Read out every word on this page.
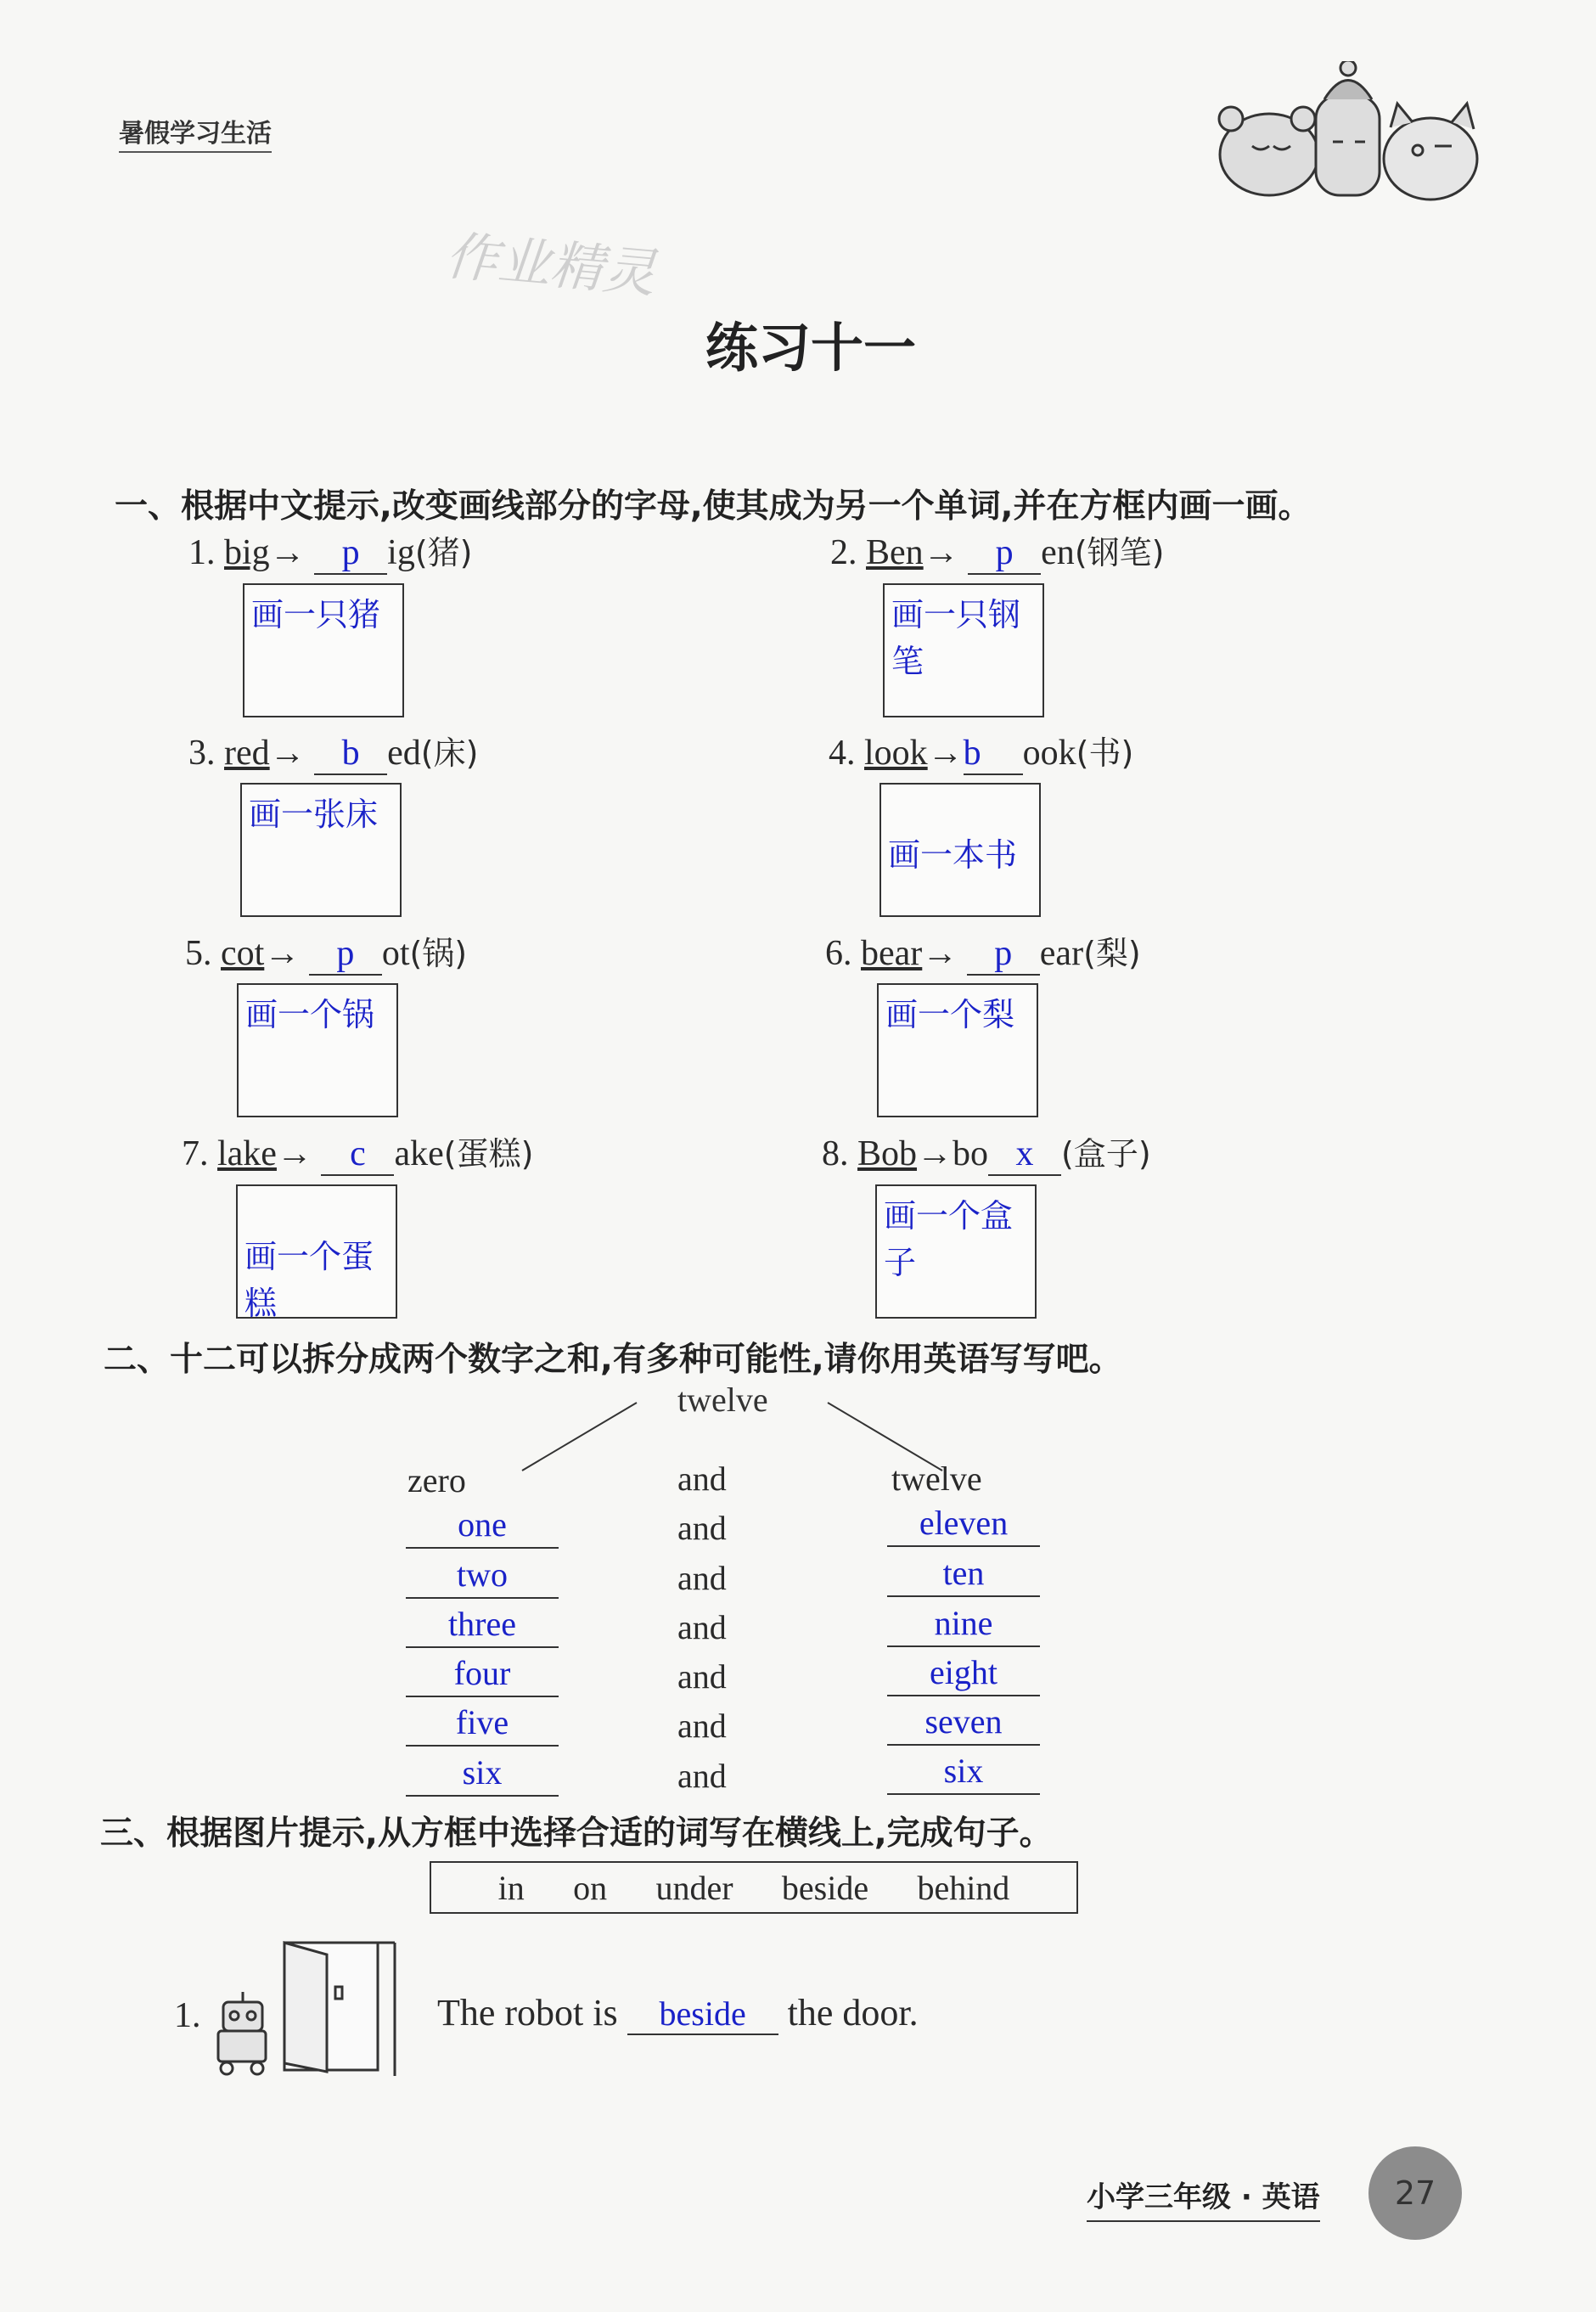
暑假学习生活
作业精灵
练习十一
一、根据中文提示,改变画线部分的字母,使其成为另一个单词,并在方框内画一画。
1. big→ p ig(猪)
画一只猪
2. Ben→ p en(钢笔)
画一只钢笔
3. red→ b ed(床)
画一张床
4. look→b ook(书)
画一本书
5. cot→ p ot(锅)
画一个锅
6. bear→ p ear(梨)
画一个梨
7. lake→ c ake(蛋糕)
画一个蛋糕
8. Bob→bo x (盒子)
画一个盒子
二、十二可以拆分成两个数字之和,有多种可能性,请你用英语写写吧。
twelve
zero	and	twelve
one	and	eleven
two	and	ten
three	and	nine
four	and	eight
five	and	seven
six	and	six
三、根据图片提示,从方框中选择合适的词写在横线上,完成句子。
in on under beside behind
1.	The robot is beside the door.
小学三年级 · 英语	27
